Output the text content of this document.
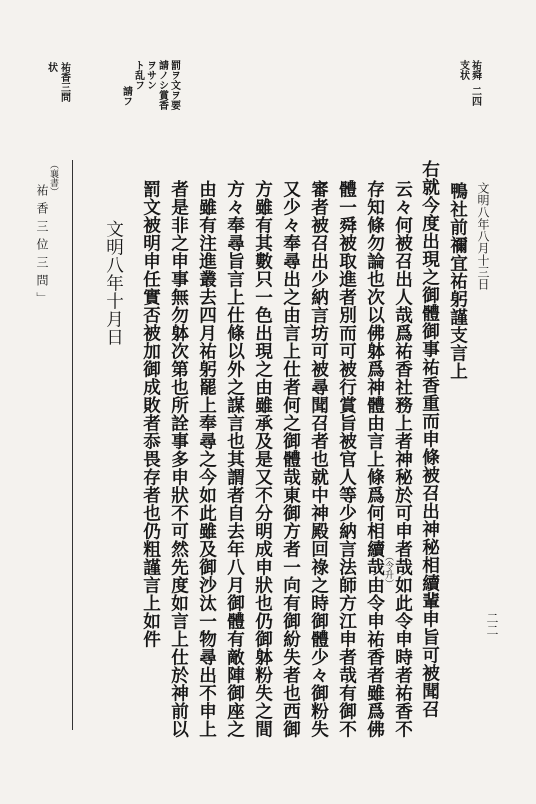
祐舜
支状
二四
罰ヲ文ヲ要
請ノシ賞香
ヲサン
ト乱フ
請フ
祐香三問
状
文明八年八月十三日
鴨社前禰宜祐躬謹支言上
右就今度出現之御體御事祐香重而申條被召出神秘相續輩申旨可被聞召
云々何被召出人哉爲祐香社務上者神秘於可申者哉如此令申時者祐香不
存知條勿論也次以佛躰爲神體由言上條爲何相續哉由令申祐香者雖爲佛
體一舜被取進者別而可被行賞旨被官人等少納言法師方江申者哉有御不
審者被召出少納言坊可被尋聞召者也就中神殿回祿之時御體少々御粉失
又少々奉尋出之由言上仕者何之御體哉東御方者一向有御紛失者也西御
方雖有其數只一色出現之由雖承及是又不分明成申狀也仍御躰粉失之間
方々奉尋旨言上仕條以外之謀言也其謂者自去年八月御體有敵陣御座之
由雖有注進叢去四月祐躬罷上奉尋之今如此雖及御沙汰一物尋出不申上
者是非之申事無勿躰次第也所詮事多申狀不可然先度如言上仕於神前以
罰文被明申任實否被加御成敗者忝畏存者也仍粗謹言上如件
文明八年十月日
（令升）
（襄書）
祐香三位三問」
二二
